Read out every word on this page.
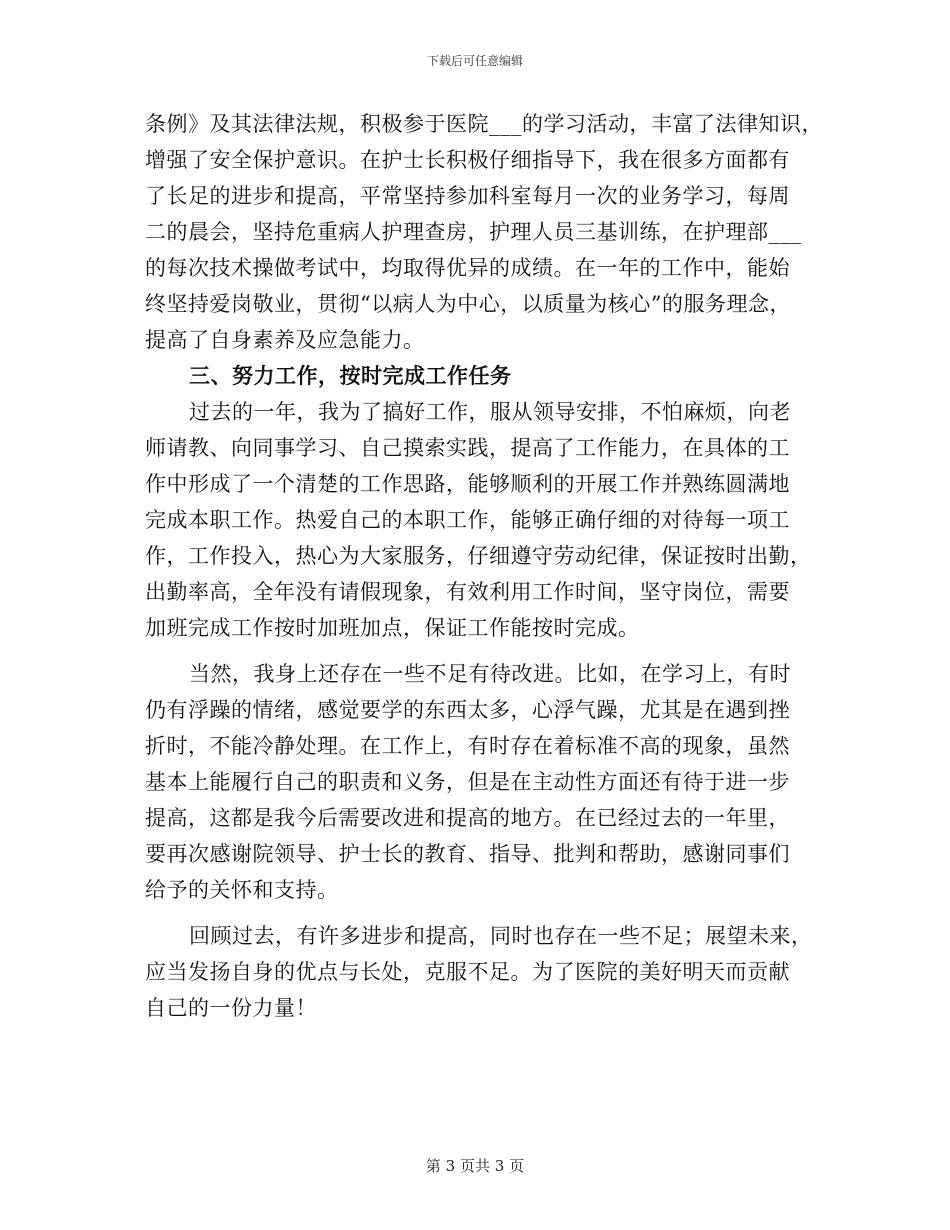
下载后可任意编辑
条例》及其法律法规，积极参于医院___的学习活动，丰富了法律知识，
增强了安全保护意识。在护士长积极仔细指导下，我在很多方面都有
了长足的进步和提高，平常坚持参加科室每月一次的业务学习，每周
二的晨会，坚持危重病人护理查房，护理人员三基训练，在护理部___
的每次技术操做考试中，均取得优异的成绩。在一年的工作中，能始
终坚持爱岗敬业，贯彻“以病人为中心，以质量为核心”的服务理念，
提高了自身素养及应急能力。
三、努力工作，按时完成工作任务
过去的一年，我为了搞好工作，服从领导安排，不怕麻烦，向老
师请教、向同事学习、自己摸索实践，提高了工作能力，在具体的工
作中形成了一个清楚的工作思路，能够顺利的开展工作并熟练圆满地
完成本职工作。热爱自己的本职工作，能够正确仔细的对待每一项工
作，工作投入，热心为大家服务，仔细遵守劳动纪律，保证按时出勤，
出勤率高，全年没有请假现象，有效利用工作时间，坚守岗位，需要
加班完成工作按时加班加点，保证工作能按时完成。
当然，我身上还存在一些不足有待改进。比如，在学习上，有时
仍有浮躁的情绪，感觉要学的东西太多，心浮气躁，尤其是在遇到挫
折时，不能冷静处理。在工作上，有时存在着标准不高的现象，虽然
基本上能履行自己的职责和义务，但是在主动性方面还有待于进一步
提高，这都是我今后需要改进和提高的地方。在已经过去的一年里，
要再次感谢院领导、护士长的教育、指导、批判和帮助，感谢同事们
给予的关怀和支持。
回顾过去，有许多进步和提高，同时也存在一些不足；展望未来，
应当发扬自身的优点与长处，克服不足。为了医院的美好明天而贡献
自己的一份力量！
第 3 页共 3 页
